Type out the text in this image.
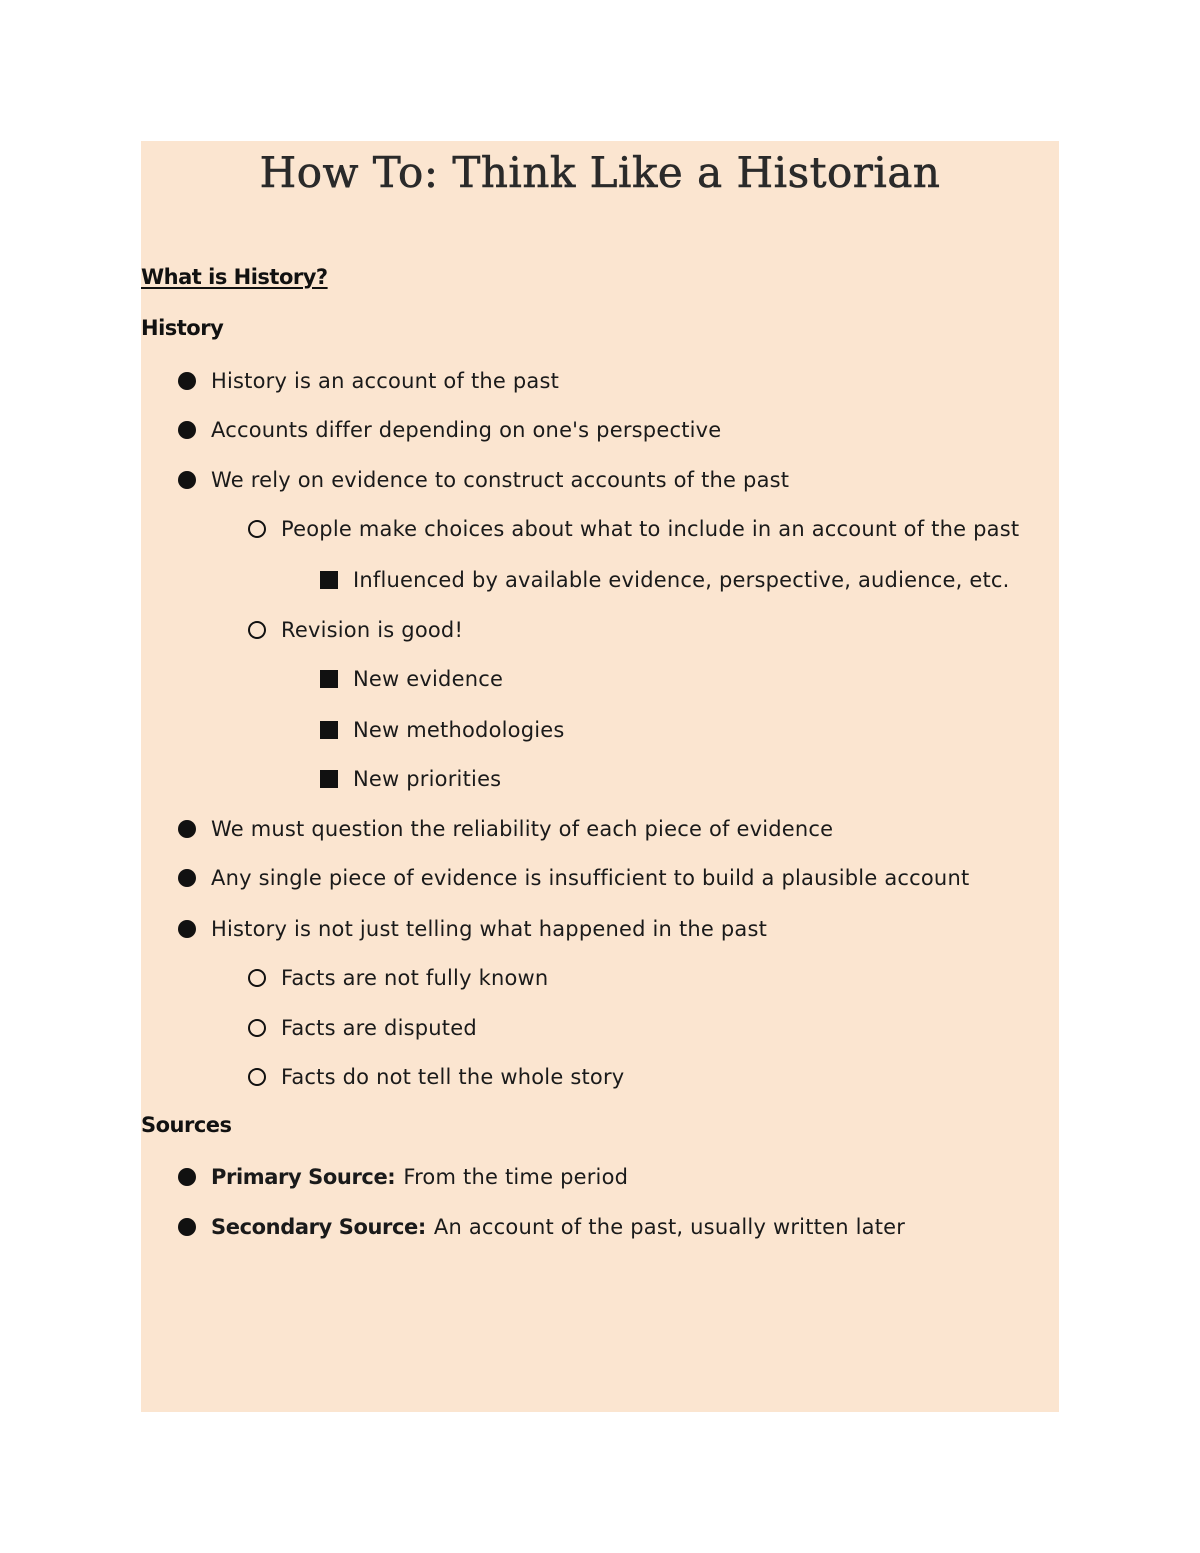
How To: Think Like a Historian
What is History?
History
History is an account of the past
Accounts differ depending on one's perspective
We rely on evidence to construct accounts of the past
People make choices about what to include in an account of the past
Influenced by available evidence, perspective, audience, etc.
Revision is good!
New evidence
New methodologies
New priorities
We must question the reliability of each piece of evidence
Any single piece of evidence is insufficient to build a plausible account
History is not just telling what happened in the past
Facts are not fully known
Facts are disputed
Facts do not tell the whole story
Sources
Primary Source: From the time period
Secondary Source: An account of the past, usually written later
